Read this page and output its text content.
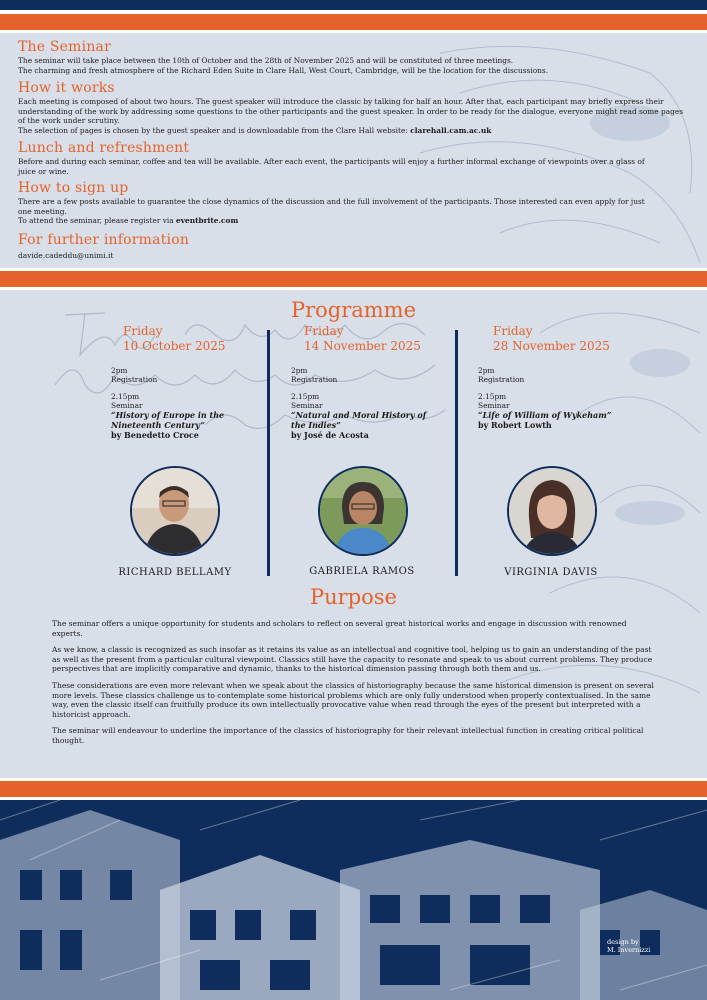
The Seminar

The seminar will take place between the 10th of October and the 28th of November 2025 and will be constituted of three meetings.

The charming and fresh atmosphere of the Richard Eden Suite in Clare Hall, West Court, Cambridge, will be the location for the discussions.

How it works

Each meeting is composed of about two hours. The guest speaker will introduce the classic by talking for half an hour. After that, each participant may briefly express their understanding of the work by addressing some questions to the other participants and the guest speaker. In order to be ready for the dialogue, everyone might read some pages of the work under scrutiny.

The selection of pages is chosen by the guest speaker and is downloadable from the Clare Hall website: clarehall.cam.ac.uk

Lunch and refreshment

Before and during each seminar, coffee and tea will be available. After each event, the participants will enjoy a further informal exchange of viewpoints over a glass of juice or wine.

How to sign up

There are a few posts available to guarantee the close dynamics of the discussion and the full involvement of the participants. Those interested can even apply for just one meeting.

To attend the seminar, please register via eventbrite.com

For further information

davide.cadeddu@unimi.it

Programme

Friday

10 October 2025

2pm

Registration

2.15pm

Seminar

“History of Europe in the Nineteenth Century”

by Benedetto Croce

Friday

14 November 2025

2pm

Registration

2.15pm

Seminar

“Natural and Moral History of the Indies”

by José de Acosta

Friday

28 November 2025

2pm

Registration

2.15pm

Seminar

“Life of William of Wykeham”

by Robert Lowth

RICHARD BELLAMY	GABRIELA RAMOS	VIRGINIA DAVIS
Purpose

The seminar offers a unique opportunity for students and scholars to reflect on several great historical works and engage in discussion with renowned experts.

As we know, a classic is recognized as such insofar as it retains its value as an intellectual and cognitive tool, helping us to gain an understanding of the past as well as the present from a particular cultural viewpoint. Classics still have the capacity to resonate and speak to us about current problems. They produce perspectives that are implicitly comparative and dynamic, thanks to the historical dimension passing through both them and us.

These considerations are even more relevant when we speak about the classics of historiography because the same historical dimension is present on several more levels. These classics challenge us to contemplate some historical problems which are only fully understood when properly contextualised. In the same way, even the classic itself can fruitfully produce its own intellectually provocative value when read through the eyes of the present but interpreted with a historicist approach.

The seminar will endeavour to underline the importance of the classics of historiography for their relevant intellectual function in creating critical political thought.

design by
M. Invernizzi
